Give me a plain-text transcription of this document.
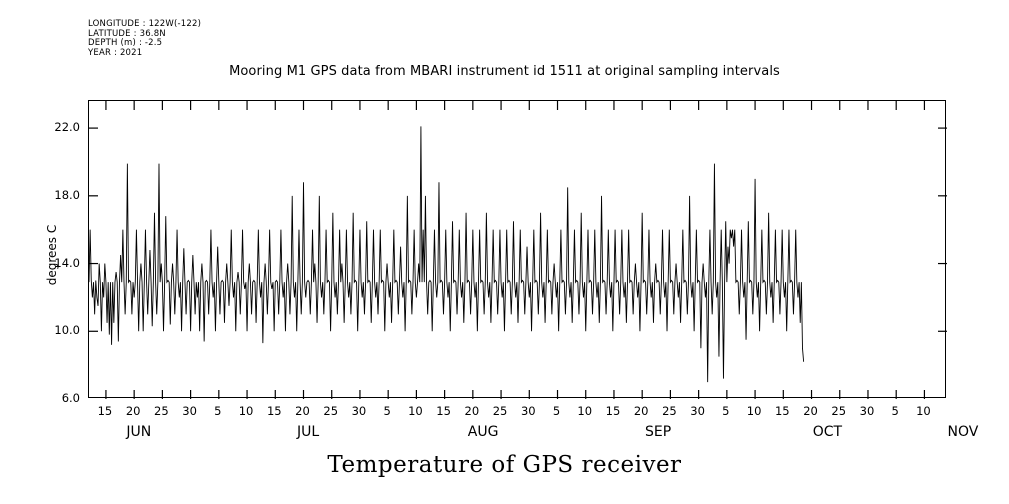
LONGITUDE : 122W(-122)
LATITUDE : 36.8N
DEPTH (m) : -2.5
YEAR : 2021
Mooring M1 GPS data from MBARI instrument id 1511 at original sampling intervals
degrees C
Temperature of GPS receiver
10.0
14.0
18.0
22.0
6.0
15	20	25	30	5	10	15	20	25	30	5	10	15	20	25	30	5	10	15	20	25	30	5	10	15	20	25	30	5	10
JUN	JUL	AUG	SEP	OCT	NOV
